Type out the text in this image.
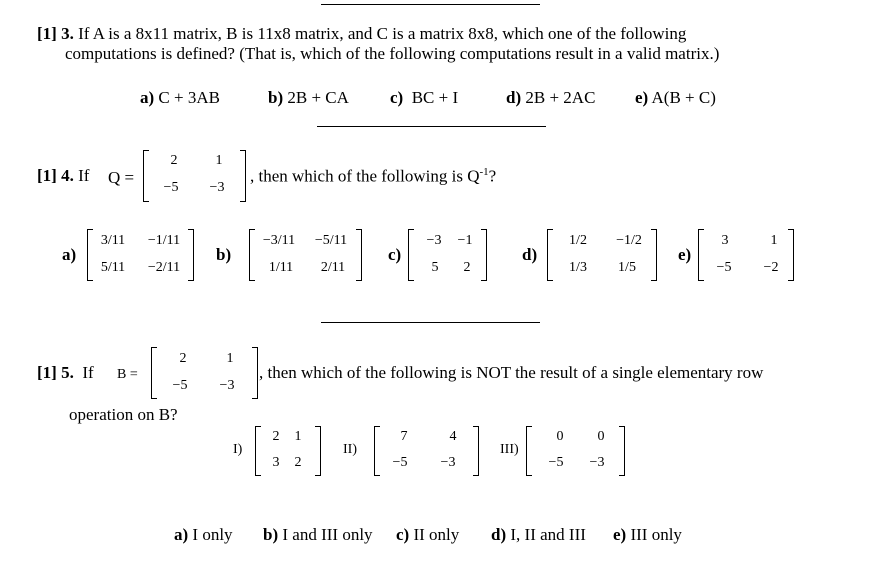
[1] 3. If A is a 8x11 matrix, B is 11x8 matrix, and C is a matrix 8x8, which one of the following
computations is defined? (That is, which of the following computations result in a valid matrix.)
a) C + 3AB	b) 2B + CA c) BC + I	d) 2B + 2AC e) A(B + C)
[1] 4. If Q =
2	1
−5 −3
, then which of the following is $Q^{-1}$?
a)
3/11 −1/11
5/11 −2/11
b)
−3/11 −5/11
1/11 2/11
c)
−3 −1
5 2
d)
1/2 −1/2
1/3 1/5
e)
3	1
−5 −2
[1] 5. If B =
2	1
−5 −3
, then which of the following is NOT the result of a single elementary row
operation on B?
I)
2 1
3 2
II)
7	4
−5 −3
III)
0 0
−5 −3
a) I only b) I and III only c) II only d) I, II and III e) III only
